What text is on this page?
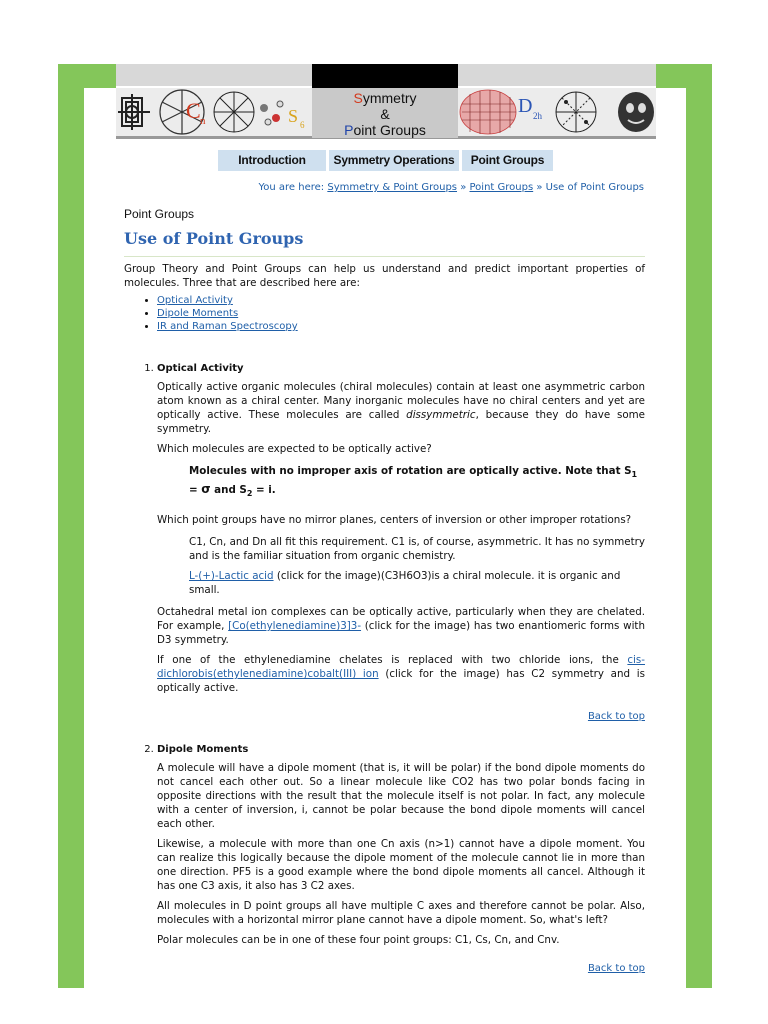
C n	S 6
Symmetry
&
Point Groups
D 2h
Introduction	Symmetry Operations	Point Groups
You are here: Symmetry & Point Groups » Point Groups » Use of Point Groups
Point Groups
Use of Point Groups

Group Theory and Point Groups can help us understand and predict important properties of molecules. Three that are described here are:

• Optical Activity
• Dipole Moments
• IR and Raman Spectroscopy
1. Optical Activity

Optically active organic molecules (chiral molecules) contain at least one asymmetric carbon atom known as a chiral center. Many inorganic molecules have no chiral centers and yet are optically active. These molecules are called dissymmetric, because they do have some symmetry.

Which molecules are expected to be optically active?

Molecules with no improper axis of rotation are optically active. Note that $S_1 = \sigma$ and $S_2 = i$.

Which point groups have no mirror planes, centers of inversion or other improper rotations?

C1, Cn, and Dn all fit this requirement. C1 is, of course, asymmetric. It has no symmetry and is the familiar situation from organic chemistry.

L-(+)-Lactic acid (click for the image)(C3H6O3)is a chiral molecule. it is organic and small.

Octahedral metal ion complexes can be optically active, particularly when they are chelated. For example, [Co(ethylenediamine)3]3- (click for the image) has two enantiomeric forms with D3 symmetry.

If one of the ethylenediamine chelates is replaced with two chloride ions, the cis-dichlorobis(ethylenediamine)cobalt(III) ion (click for the image) has C2 symmetry and is optically active.

Back to top
2. Dipole Moments

A molecule will have a dipole moment (that is, it will be polar) if the bond dipole moments do not cancel each other out. So a linear molecule like CO2 has two polar bonds facing in opposite directions with the result that the molecule itself is not polar. In fact, any molecule with a center of inversion, i, cannot be polar because the bond dipole moments will cancel each other.

Likewise, a molecule with more than one Cn axis (n>1) cannot have a dipole moment. You can realize this logically because the dipole moment of the molecule cannot lie in more than one direction. PF5 is a good example where the bond dipole moments all cancel. Although it has one C3 axis, it also has 3 C2 axes.

All molecules in D point groups all have multiple C axes and therefore cannot be polar. Also, molecules with a horizontal mirror plane cannot have a dipole moment. So, what's left?

Polar molecules can be in one of these four point groups: C1, Cs, Cn, and Cnv.

Back to top
